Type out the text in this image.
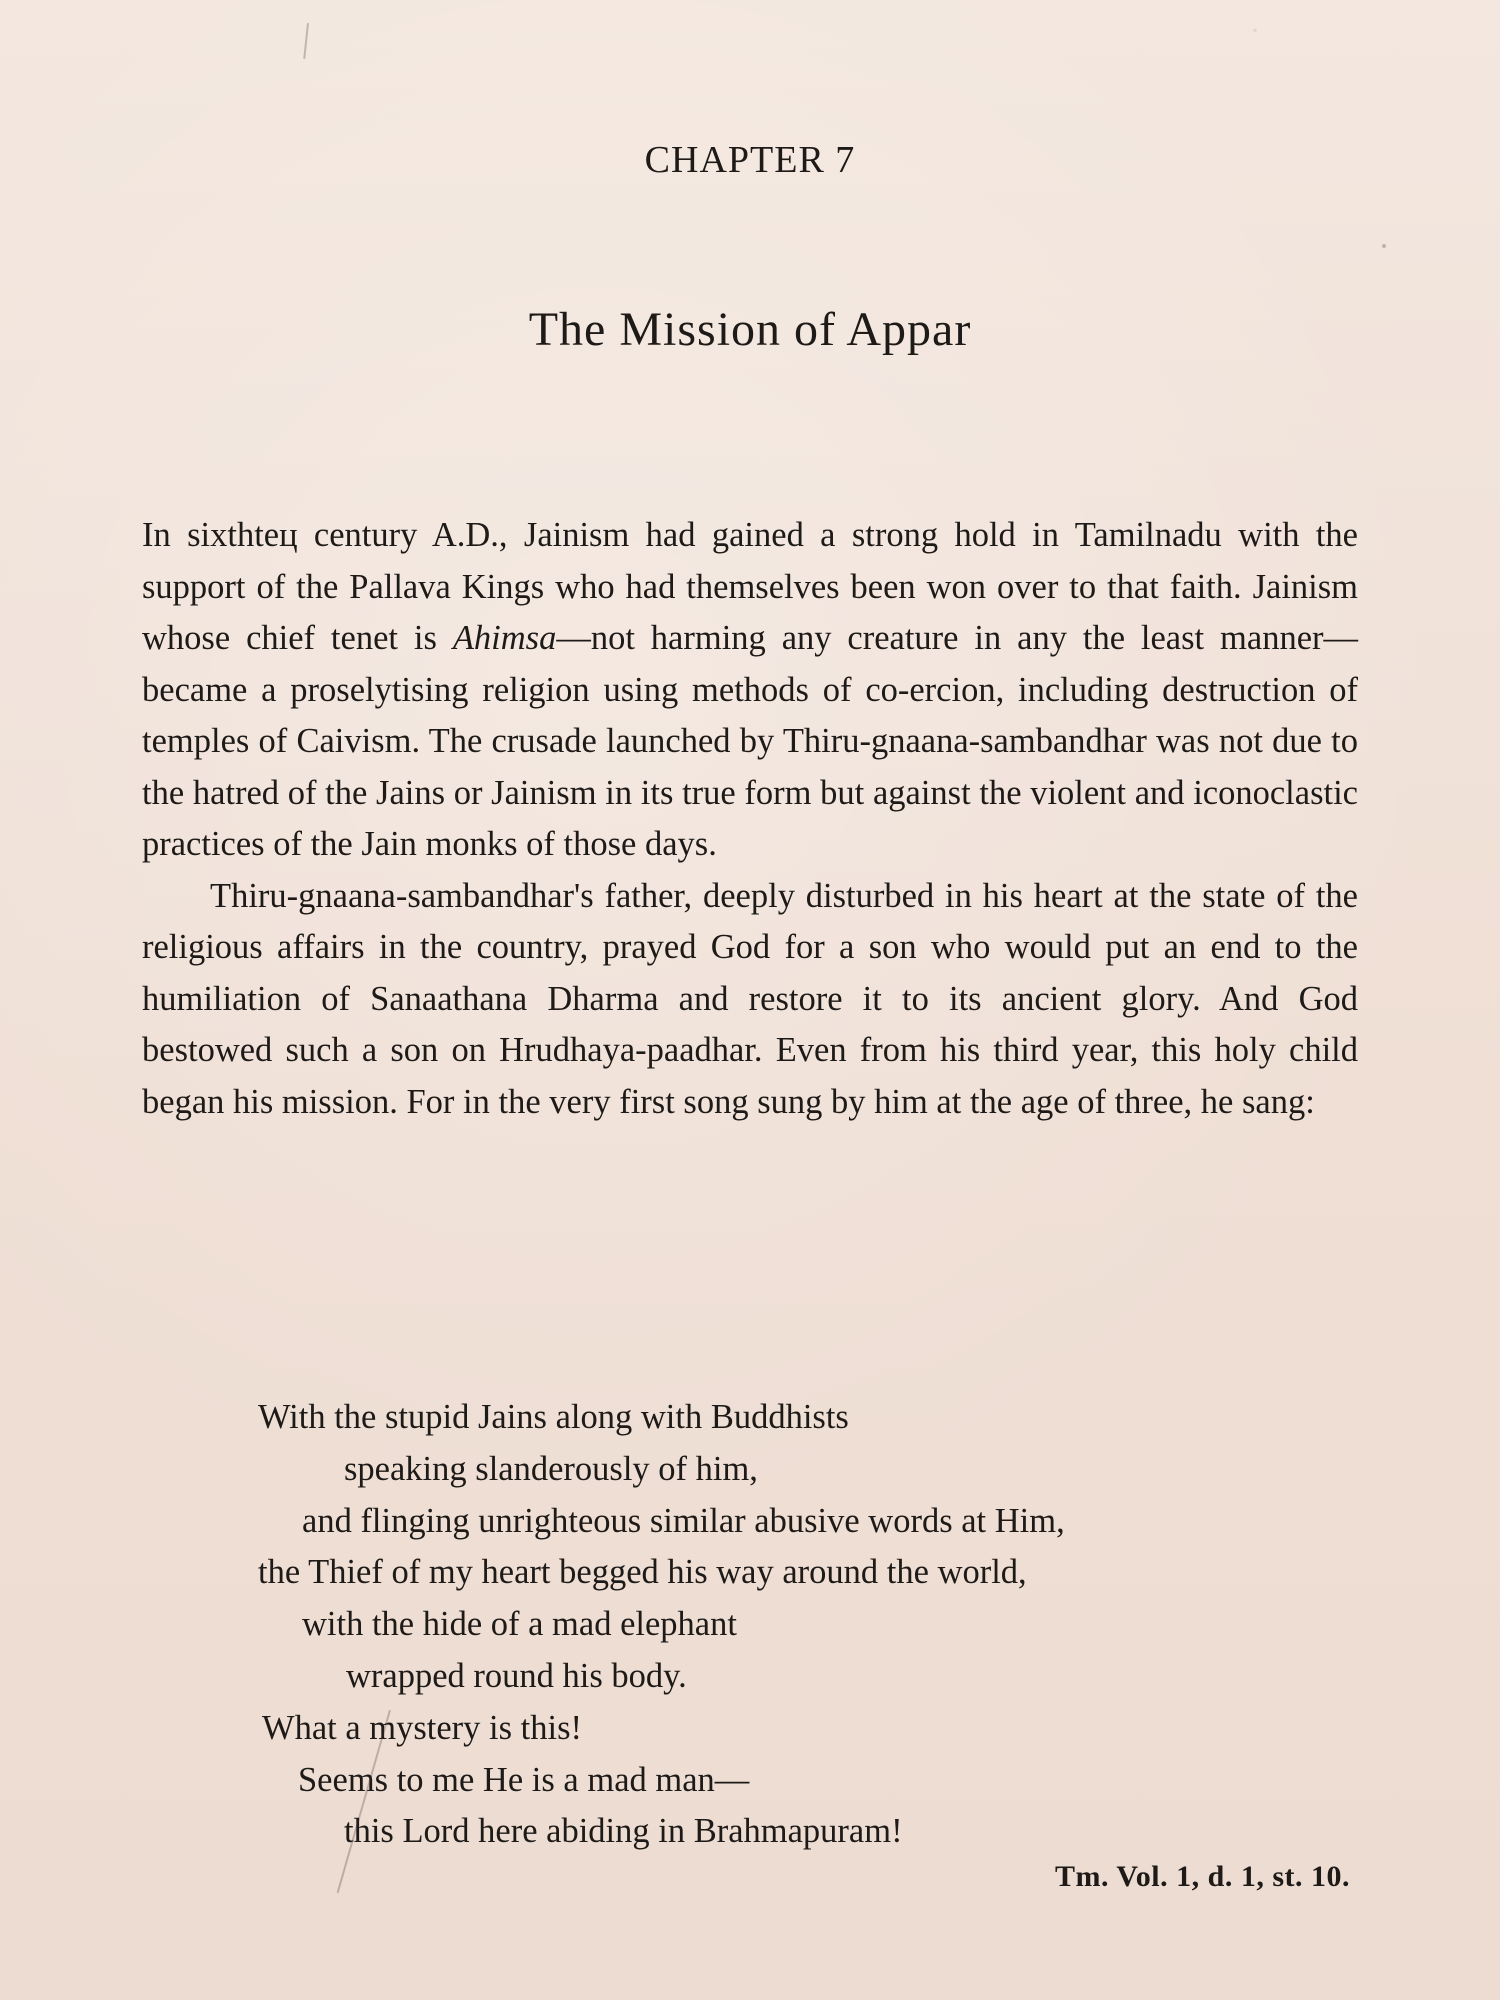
·

CHAPTER 7
The Mission of Appar

In sixthteц century A.D., Jainism had gained a strong hold in Tamilnadu with the support of the Pallava Kings who had themselves been won over to that faith. Jainism whose chief tenet is Ahimsa—not harming any creature in any the least manner—became a proselytising religion using methods of co-ercion, including destruction of temples of Caivism. The crusade launched by Thiru-gnaana-sambandhar was not due to the hatred of the Jains or Jainism in its true form but against the violent and iconoclastic practices of the Jain monks of those days.

Thiru-gnaana-sambandhar's father, deeply disturbed in his heart at the state of the religious affairs in the country, prayed God for a son who would put an end to the humiliation of Sanaathana Dharma and restore it to its ancient glory. And God bestowed such a son on Hrudhaya-paadhar. Even from his third year, this holy child began his mission. For in the very first song sung by him at the age of three, he sang:

With the stupid Jains along with Buddhists
speaking slanderously of him,
and flinging unrighteous similar abusive words at Him,
the Thief of my heart begged his way around the world,
with the hide of a mad elephant
wrapped round his body.
What a mystery is this!
Seems to me He is a mad man—
this Lord here abiding in Brahmapuram!
Tm. Vol. 1, d. 1, st. 10.
